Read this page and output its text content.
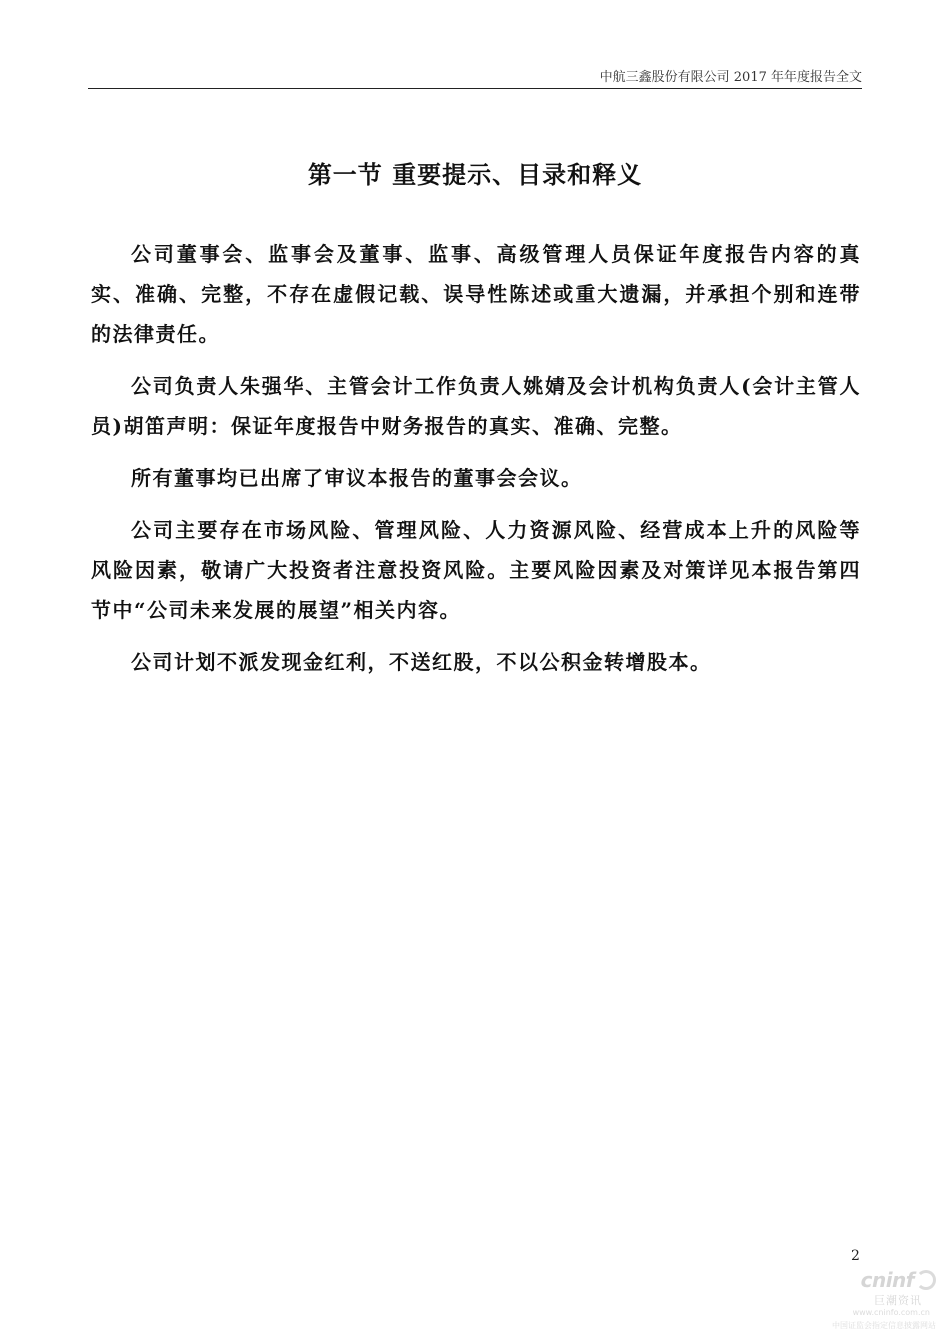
中航三鑫股份有限公司 2017 年年度报告全文
第一节 重要提示、目录和释义

公司董事会、监事会及董事、监事、高级管理人员保证年度报告内容的真实、准确、完整，不存在虚假记载、误导性陈述或重大遗漏，并承担个别和连带的法律责任。

公司负责人朱强华、主管会计工作负责人姚婧及会计机构负责人(会计主管人员)胡笛声明：保证年度报告中财务报告的真实、准确、完整。

所有董事均已出席了审议本报告的董事会会议。

公司主要存在市场风险、管理风险、人力资源风险、经营成本上升的风险等风险因素，敬请广大投资者注意投资风险。主要风险因素及对策详见本报告第四节中“公司未来发展的展望”相关内容。

公司计划不派发现金红利，不送红股，不以公积金转增股本。

2
cninf
巨潮资讯
www.cninfo.com.cn
中国证监会指定信息披露网站
